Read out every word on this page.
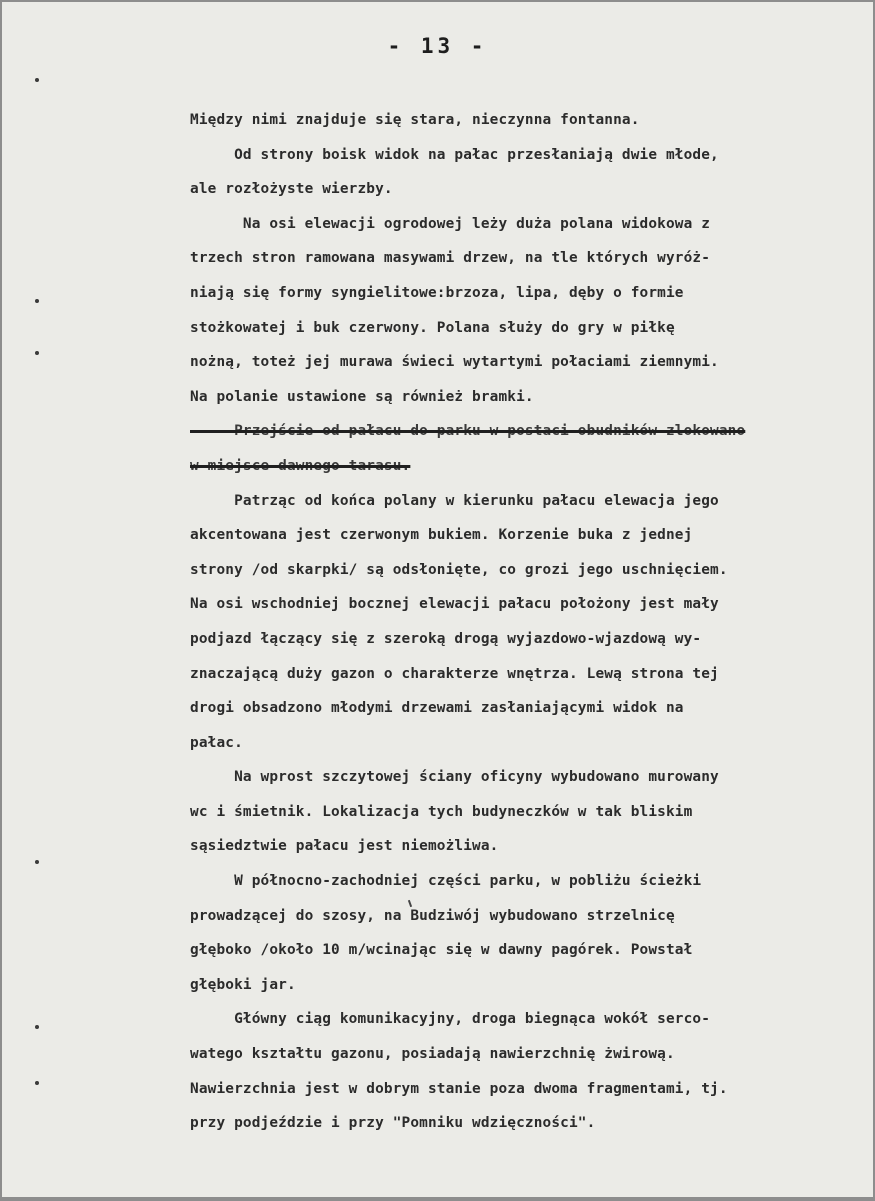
- 13 -
Między nimi znajduje się stara, nieczynna fontanna.
Od strony boisk widok na pałac przesłaniają dwie młode,
ale rozłożyste wierzby.
Na osi elewacji ogrodowej leży duża polana widokowa z
trzech stron ramowana masywami drzew, na tle których wyróż-
niają się formy syngielitowe:brzoza, lipa, dęby o formie
stożkowatej i buk czerwony. Polana służy do gry w piłkę
nożną, toteż jej murawa świeci wytartymi połaciami ziemnymi.
Na polanie ustawione są również bramki.
Przejście od pałacu do parku w postaci obudników zlokowano
w miejsce dawnego tarasu.
Patrząc od końca polany w kierunku pałacu elewacja jego
akcentowana jest czerwonym bukiem. Korzenie buka z jednej
strony /od skarpki/ są odsłonięte, co grozi jego uschnięciem.
Na osi wschodniej bocznej elewacji pałacu położony jest mały
podjazd łączący się z szeroką drogą wyjazdowo-wjazdową wy-
znaczającą duży gazon o charakterze wnętrza. Lewą strona tej
drogi obsadzono młodymi drzewami zasłaniającymi widok na
pałac.
Na wprost szczytowej ściany oficyny wybudowano murowany
wc i śmietnik. Lokalizacja tych budyneczków w tak bliskim
sąsiedztwie pałacu jest niemożliwa.
W północno-zachodniej części parku, w pobliżu ścieżki
prowadzącej do szosy, na Budziwój wybudowano strzelnicę
głęboko /około 10 m/wcinając się w dawny pagórek. Powstał
głęboki jar.
Główny ciąg komunikacyjny, droga biegnąca wokół serco-
watego kształtu gazonu, posiadają nawierzchnię żwirową.
Nawierzchnia jest w dobrym stanie poza dwoma fragmentami, tj.
przy podjeździe i przy "Pomniku wdzięczności".
